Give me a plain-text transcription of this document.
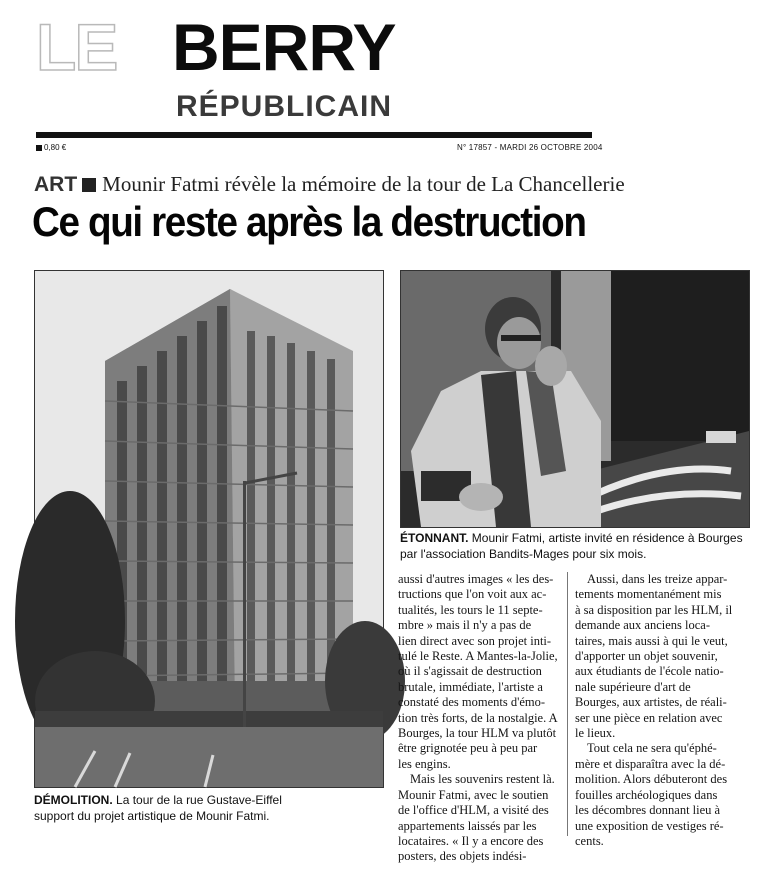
LE BERRY
RÉPUBLICAIN
0,80 €	N° 17857 - MARDI 26 OCTOBRE 2004
ART Mounir Fatmi révèle la mémoire de la tour de La Chancellerie
Ce qui reste après la destruction
ÉTONNANT. Mounir Fatmi, artiste invité en résidence à Bourges
par l'association Bandits-Mages pour six mois.
DÉMOLITION. La tour de la rue Gustave-Eiffel
support du projet artistique de Mounir Fatmi.
aussi d'autres images « les des-
tructions que l'on voit aux ac-
tualités, les tours le 11 septe-
mbre » mais il n'y a pas de
lien direct avec son projet inti-
tulé le Reste. A Mantes-la-Jolie,
où il s'agissait de destruction
brutale, immédiate, l'artiste a
constaté des moments d'émo-
tion très forts, de la nostalgie. A
Bourges, la tour HLM va plutôt
être grignotée peu à peu par
les engins.
Mais les souvenirs restent là.
Mounir Fatmi, avec le soutien
de l'office d'HLM, a visité des
appartements laissés par les
locataires. « Il y a encore des
posters, des objets indési-
Aussi, dans les treize appar-
tements momentanément mis
à sa disposition par les HLM, il
demande aux anciens loca-
taires, mais aussi à qui le veut,
d'apporter un objet souvenir,
aux étudiants de l'école natio-
nale supérieure d'art de
Bourges, aux artistes, de réali-
ser une pièce en relation avec
le lieux.
Tout cela ne sera qu'éphé-
mère et disparaîtra avec la dé-
molition. Alors débuteront des
fouilles archéologiques dans
les décombres donnant lieu à
une exposition de vestiges ré-
cents.
